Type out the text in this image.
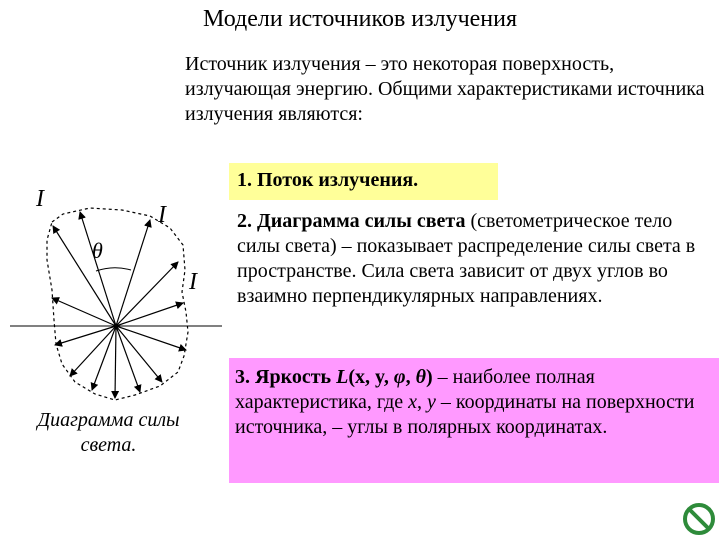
Модели источников излучения
Источник излучения – это некоторая поверхность, излучающая энергию. Общими характеристиками источника излучения являются:
1. Поток излучения.
2. Диаграмма силы света (светометрическое тело силы света) – показывает распределение силы света в пространстве. Сила света зависит от двух углов во взаимно перпендикулярных направлениях.
3. Яркость L(x, y, φ, θ) – наиболее полная характеристика, где x, y – координаты на поверхности источника, – углы в полярных координатах.
θ
I
I
I
Диаграмма силы света.
